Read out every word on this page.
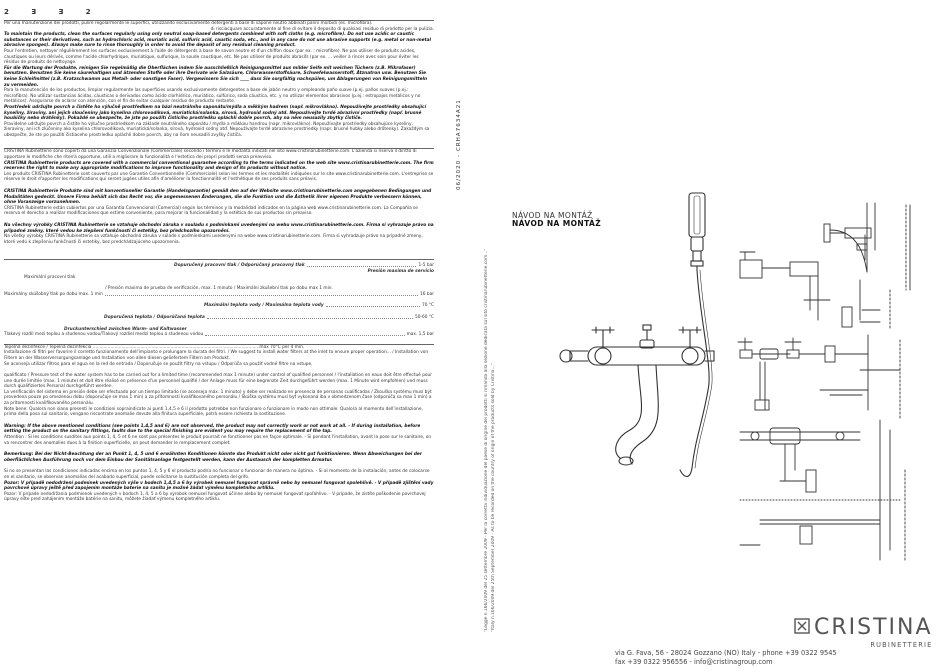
2 Ǝ Ǝ 2

Per una manutenzione dei prodotti, pulire regolarmente le superfici, utilizzando esclusivamente detergenti a base di sapone neutro abbinati panni morbidi (es. microfibra).

di risciacquare accuratamente al fine di evitare il deposito di qualsiasi residuo di prodotto per la pulizia.

To maintain the products, clean the surfaces regularly using only neutral soap-based detergents combined with soft cloths (e.g. microfibre). Do not use acidic or caustic substances or their derivatives, such as hydrochloric acid, muriatic acid, sulfuric acid, caustic soda, etc., and in any case do not use abrasive supports (e.g. metal or non-metal abrasive sponges). Always make sure to rinse thoroughly in order to avoid the deposit of any residual cleaning product.

Pour l'entretien, nettoyer régulièrement les surfaces exclusivement à l'aide de détergents à base de savon neutre et d'un chiffon doux (par ex. : microfibre). Ne pas utiliser de produits acides, caustiques ou leurs dérivés, comme l'acide chlorhydrique, muriatique, sulfurique, la soude caustique, etc. Ne pas utiliser de produits abrasifs (par ex. ... veiller à rincer avec soin pour éviter les résidus de produits de nettoyage.

Für die Wartung der Produkte, reinigen Sie regelmäßig die Oberflächen indem Sie ausschließlich Reinigungsmittel aus milder Seife mit weichen Tüchern (z.B. Mikrofaser) benutzen. Benutzen Sie keine säurehaltigen und ätzenden Stoffe oder ihre Derivate wie Salzsäure, Chlorwasserstoffsäure, Schwefelwasserstoff, Ätznatron usw. Benutzen Sie keine Schleifmittel (z.B. Kratzschwamm aus Metall- oder sonstigen Faser). Vergewissern Sie sich ____ dass Sie sorgfältig nachspülen, um Ablagerungen von Reinigungsmitteln zu vermeiden.

Para la manutención de los productos, limpiar regularmente las superficies usando exclusivamente detergentes a base de jabón neutro y empleando paño suave (p.ej. paños suaves (p.ej.: microfibra). No utilizar sustancias ácidas, cáusticas o derivados como ácido clorhídrico, muriático, sulfúrico, soda cáustica, etc. y no utilizar elementos abrasivos (p.ej.: estropajos metálicos y no metálicos). Asegurarse de aclarar con atención, con el fin de evitar cualquier residuo de producto restante.

Prostředek udržujte povrch a čistěte ho výlučně prostředkem na bázi neutrálního saponátu/mýdla a měkkým hadrem (např. mikrovlákno). Nepoužívejte prostředky obsahující kyseliny, žíraviny, ani jejich sloučeniny jako kyselina chlorovodíková, muriatická/solanka, sírová, hydroxid sodný atd. Nepoužívejte tvrdé abrazivní prostředky (např. brusné houbičky nebo drátěnky). Pokaždé se ubezpečte, že jste po použití čisticího prostředku opláchli dobře povrch, aby na něm neusazily zbytky čističe.

Pravidelne udržujte povrch a čistite ho výlučne prostriedkom na základe neutrálneho saponátu / mydla a mäkkou handrou (napr. mikrovlákno). Nepoužívajte prostriedky obsahujúce kyseliny, žieraviny, ani ich zlúčeniny ako kyselina chlorovodíková, muriatická/solanka, sírová, hydroxid sodný atď. Nepoužívajte tvrdé abrazívne prostriedky (napr. brusné hubky alebo drôtenky). Zakaždým sa ubezpečte, že ste po použití čistiaceho prostriedku opláchli dobre povrch, aby na ňom neusadili zvyšky čističa.

CRISTINA Rubinetterie sono coperti da una Garanzia Convenzionale (Commerciale) secondo i termini e le modalità indicati nel sito www.cristinarubinetterie.com. L'azienda si riserva il diritto di apportare le modifiche che riterrà opportune, utili a migliorare la funzionalità e l'estetica dei propri prodotti senza preavviso.

CRISTINA Rubinetterie products are covered with a commercial conventional guarantee according to the terms indicated on the web site www.cristinarubinetterie.com. The firm reserves the right to make any appropriate modifications to improve functionality and design of its products without notice.

Les produits CRISTINA Rubinetterie sont couverts par une Garantie Conventionnelle (Commerciale) selon les termes et les modalités indiquées sur le site www.cristinarubinetterie.com. L'entreprise se réserve le droit d'apporter les modifications qui seront jugées utiles afin d'améliorer la fonctionnalité et l'esthétique de ses produits sans préavis.

CRISTINA Rubinetterie Produkte sind mit konventioneller Garantie (Handelsgarantie) gemäß den auf der Website www.cristinarubinetterie.com angegebenen Bedingungen und Modalitäten gedeckt. Unsere Firma behält sich das Recht vor, die angemessenen Änderungen, die die Funktion und die Ästhetik ihrer eigenen Produkte verbessern können, ohne Voranzeige vorzunehmen.

CRISTINA Rubinetterie están cubiertos por una Garantía Convencional (Comercial) según los términos y la modalidad indicados en la página web www.cristinarubinetterie.com. La Compañía se reserva el derecho a realizar modificaciones que estime conveniente, para mejorar la funcionalidad y la estética de sus productos sin preaviso.

Na všechny výrobky CRISTINA Rubinetterie se vztahuje obchodní záruka v souladu s podmínkami uvedenými na webu www.cristinarubinetterie.com. Firma si vyhrazuje právo na případné změny, které vedou ke zlepšení funkčnosti či estetiky, bez předchozího upozornění.

Na všetky výrobky CRISTINA Rubinetterie sa vzťahuje obchodná záruka v súlade s podmienkami uvedenými na webe www.cristinarubinetterie.com. Firma si vyhradzuje právo na prípadné zmeny, ktoré vedú k zlepšeniu funkčnosti či estetiky, bez predchádzajúceho upozornenia.

Dopuručený pracovní tlak / Odporúčaný pracovný tlak	1-5 bar
Presión maxima de servicio
Maximální pracovní tlak
/ Presión maxima de prueba de verificación, max. 1 minuto / Maximální zkušební tlak po dobu max 1 min.
Maximálny skúšobný tlak po dobu max. 1 min	16 bar
Maximální teplota vody / Maximálna teplota vody	70 °C
Doporučená teplota / Odporúčaná teplota	50-60 °C
Druckunterschied zwischen Warm- und Kaltwasser
Tlakový rozdíl mezi teplou a studenou vodou/Tlakový rozdiel medzi teplou a studenou vodou	max. 1,5 bar

Tepelná dezinfekce / Tepelná dezinfekcia ..........................................................................................................................max 70°C per 4 min.

Installazione di filtri per favorire il corretto funzionamento dell'impianto e prolungare la durata dei filtri. / We suggest to install water filters at the inlet to ensure proper operation... / Installation von Filtern an der Wasserversorgungsanlage und Installation von allen diesen geliefertem Filtern am Produkt.

Se aconseja utilizar filtros para el agua en la red de entrada / Doporučuje se použít filtry na vstupu / Odporúča sa použiť vodné filtre na vstupe.

qualificato / Pressure test of the water system has to be carried out for a limited time (recommended max 1 minute) under control of qualified personnel / l'installation en eaux doit être effectué pour une durée limitée (max. 1 minute) et doit être réalisé en présence d'un personnel qualifié / der Anlage muss für eine begrenzte Zeit durchgeführt werden (max. 1 Minute wird empfohlen) und muss durch qualifiziertes Personal durchgeführt werden.

La verificación del sistema en presión debe ser efectuado por un tiempo limitado (se aconseja máx. 1 minuto) y debe ser realizado en presencia de personas cualificadas / Zkouška systému musí být provedena pouze po omezenou dobu (doporučuje se max 1 min) a za přítomnosti kvalifikovaného personálu / Skúška systému musí byť vykonaná iba v obmedzenom čase (odporúča sa max 1 min) a za prítomnosti kvalifikovaného personálu.

Note bene: Qualora non siano presenti le condizioni sopraindicate ai punti 1,4,5 e 6 il prodotto potrebbe non funzionare o funzionare in modo non ottimale. Qualora al momento dell'installazione, prima della posa sul sanitario, vengano riscontrate anomalie dovute alla finitura superficiale, potrà essere richiesta la sostituzione.

Warning: If the above mentioned conditions (see points 1,4,5 and 6) are not observed, the product may not correctly work or not work at all. - If during installation, before setting the product on the sanitary fittings, faults due to the special finishing are evident you may require the replacement of the tap.

Attention : Si les conditions susdites aux points 1, 4, 5 et 6 ne sont pas présentes le produit pourrait ne fonctionner pas en façon optimale. - Si pendant l'installation, avant la pose sur le sanitaire, on va rencontrer des anomalies dues à la finition superficielle, on peut demander le remplacement complet.

Bemerkung: Bei der Nicht-Beachtung der an Punkt 1, 4, 5 und 6 erwähnten Konditionen könnte das Produkt nicht oder nicht gut funktionieren. Wenn Abweichungen bei der oberflächlichen Ausführung noch vor dem Einbau der Sanitätsanlage festgestellt werden, kann der Austausch der kompletten Armatur.

Si no se presentan las condiciones indicadas encima en los puntos 1, 4, 5 y 6 el producto podría no funcionar o funcionar de manera no óptima. - Si al momento de la instalación, antes de colocarse en el sanitario, se observan anomalías del acabado superficial, puede solicitarse la sustitución completa del grifo.

Pozor: V případě nedodržení podmínek uvedených výše v bodech 1,4,5 a 6 by výrobek nemusel fungovat správně nebo by nemusel fungovat spolehlivě. - V případě zjištění vady povrchové úpravy ještě před zapojením montáže baterie na sanitu je možné žádat výměnu kompletního artiklu.

Pozor: V prípade nedodržania podmienok uvedených v bodoch 1, 4, 5 a 6 by výrobok nemusel fungovať účinne alebo by nemusel fungovať spoľahlivo. - V prípade, že zistíte poškodenie povrchovej úpravy ešte pred zahájením montáže batérie na sanitu, môžete žiadať výmenu kompletného artiklu.

06/2020 - CRHA7634A21
"Legge n.166/2009 del 25 settembre 2009 - Per la corretta individuazione del paese di origine dei prodotti si rimanda alla sezione dedicata sul sito cristinarubinetterie.com..." "Italy n.166/2009 del 25th September 2009 - As to be recorded on the country of origin of the products sold by Cristina..."
NÁVOD NA MONTÁŽ
NÁVOD NA MONTÁŽ
via G. Fava, 56 - 28024 Gozzano (NO) Italy - phone +39 0322 9545
fax +39 0322 956556 - info@cristinagroup.com
CRISTINA
RUBINETTERIE
